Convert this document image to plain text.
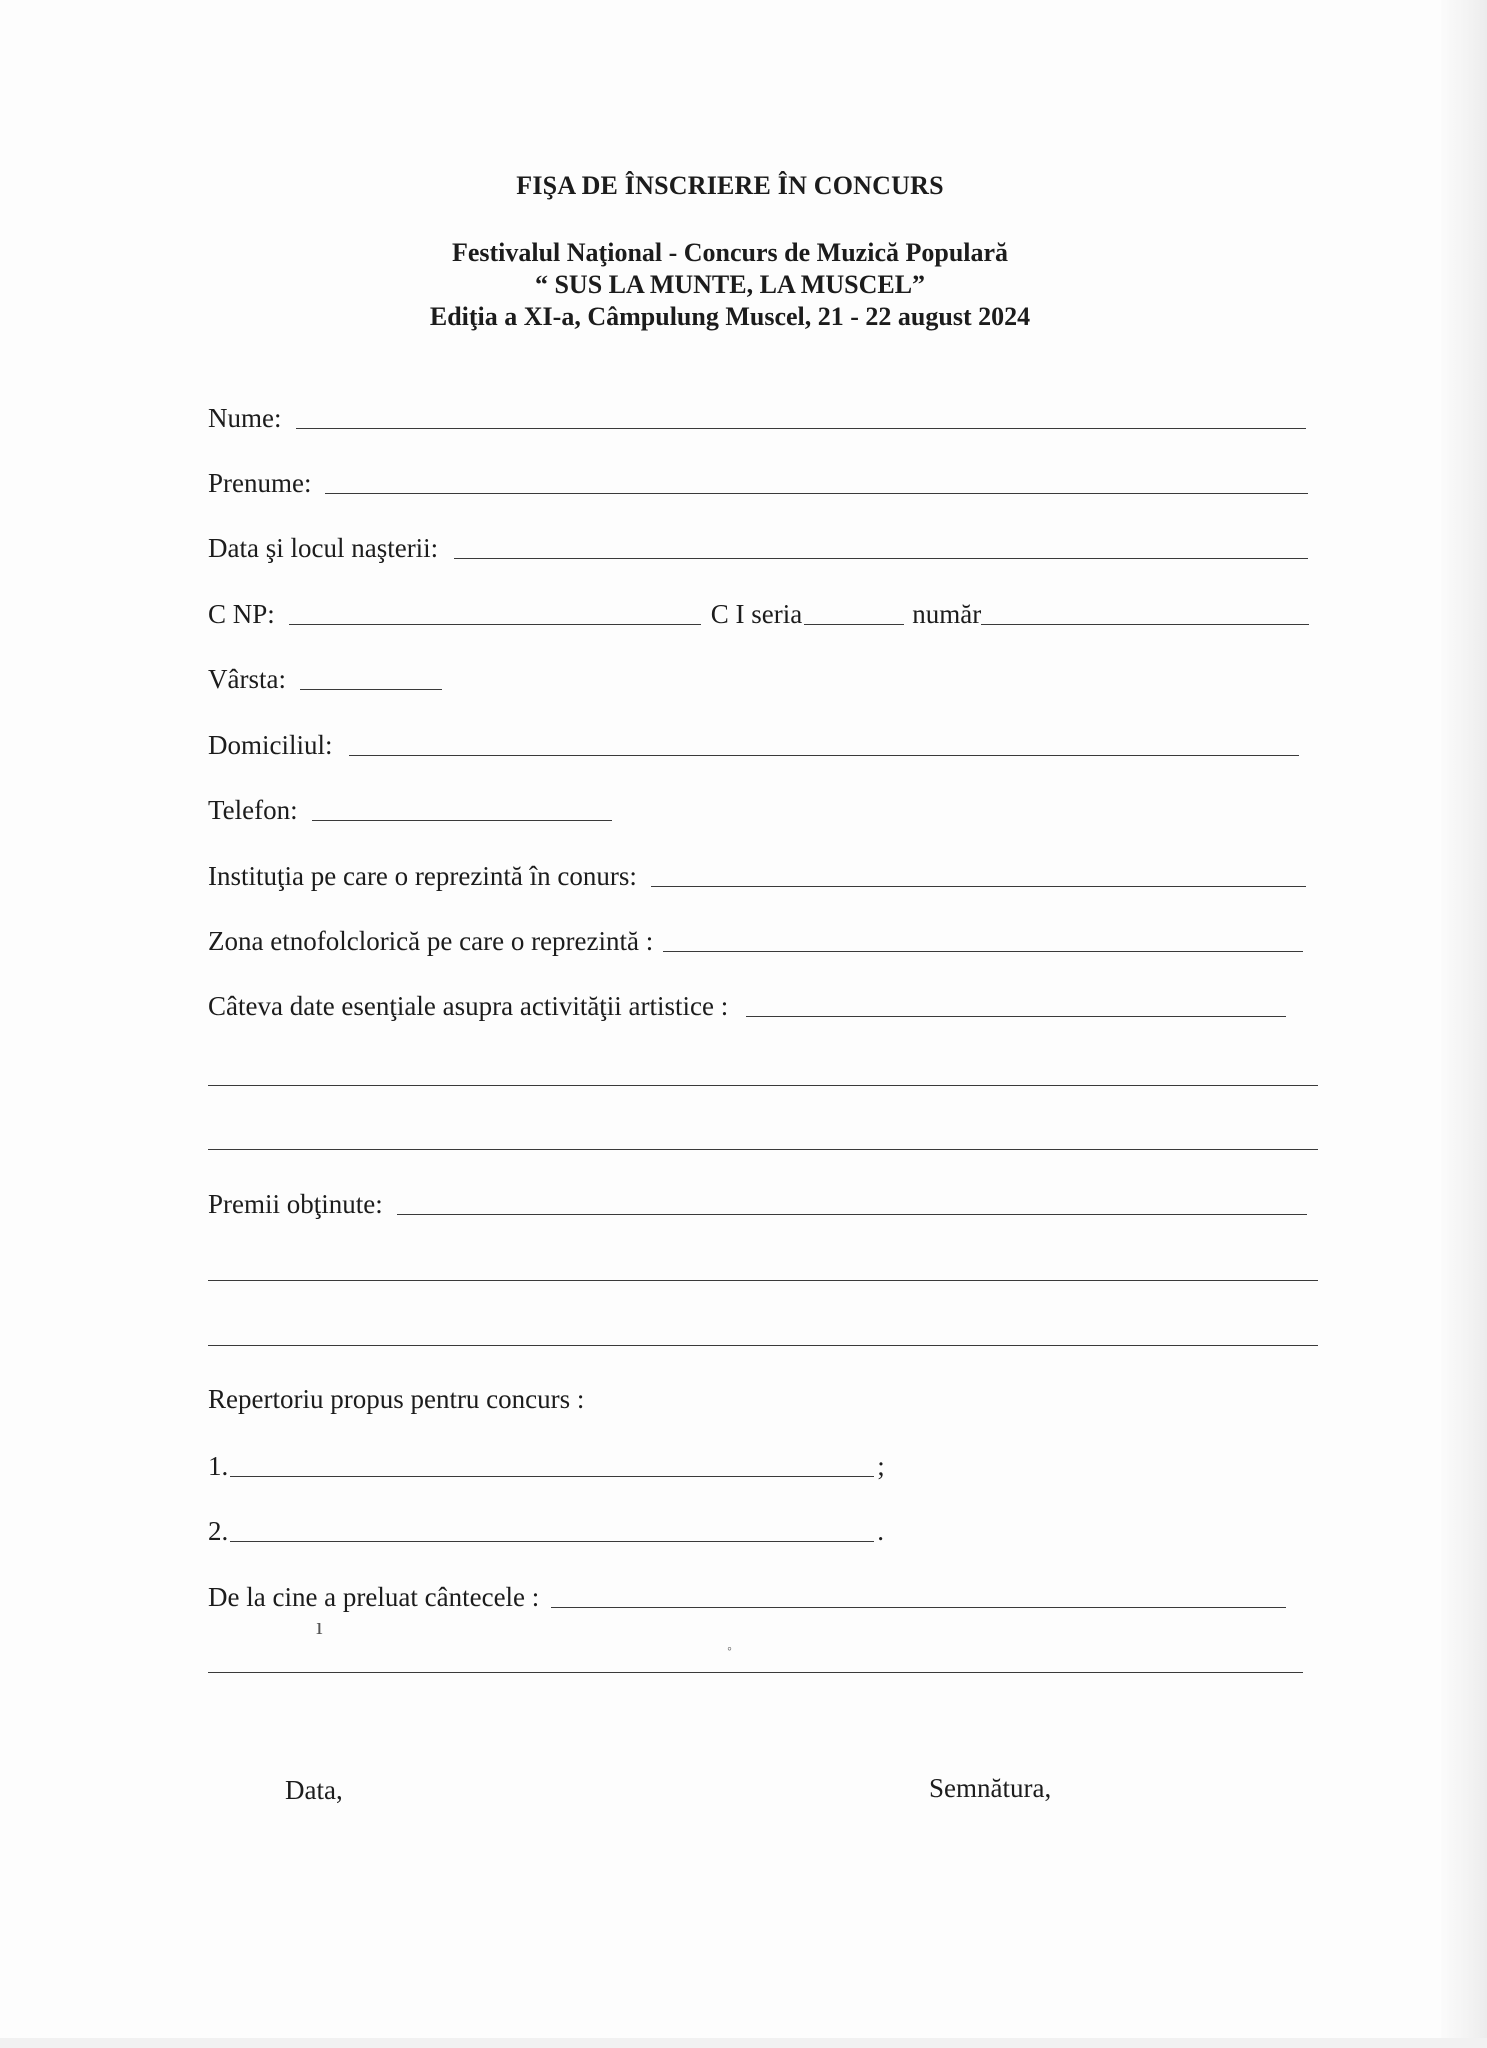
FIŞA DE ÎNSCRIERE ÎN CONCURS
Festivalul Naţional - Concurs de Muzică Populară
“ SUS LA MUNTE, LA MUSCEL”
Ediţia a XI-a, Câmpulung Muscel, 21 - 22 august 2024
Nume:
Prenume:
Data şi locul naşterii:
C NP:	C I seria	număr
Vârsta:
Domiciliul:
Telefon:
Instituţia pe care o reprezintă în conurs:
Zona etnofolclorică pe care o reprezintă :
Câteva date esenţiale asupra activităţii artistice :
Premii obţinute:
Repertoriu propus pentru concurs :
1.	;
2.	.
De la cine a preluat cântecele :
ı
◦
Data,	Semnătura,
